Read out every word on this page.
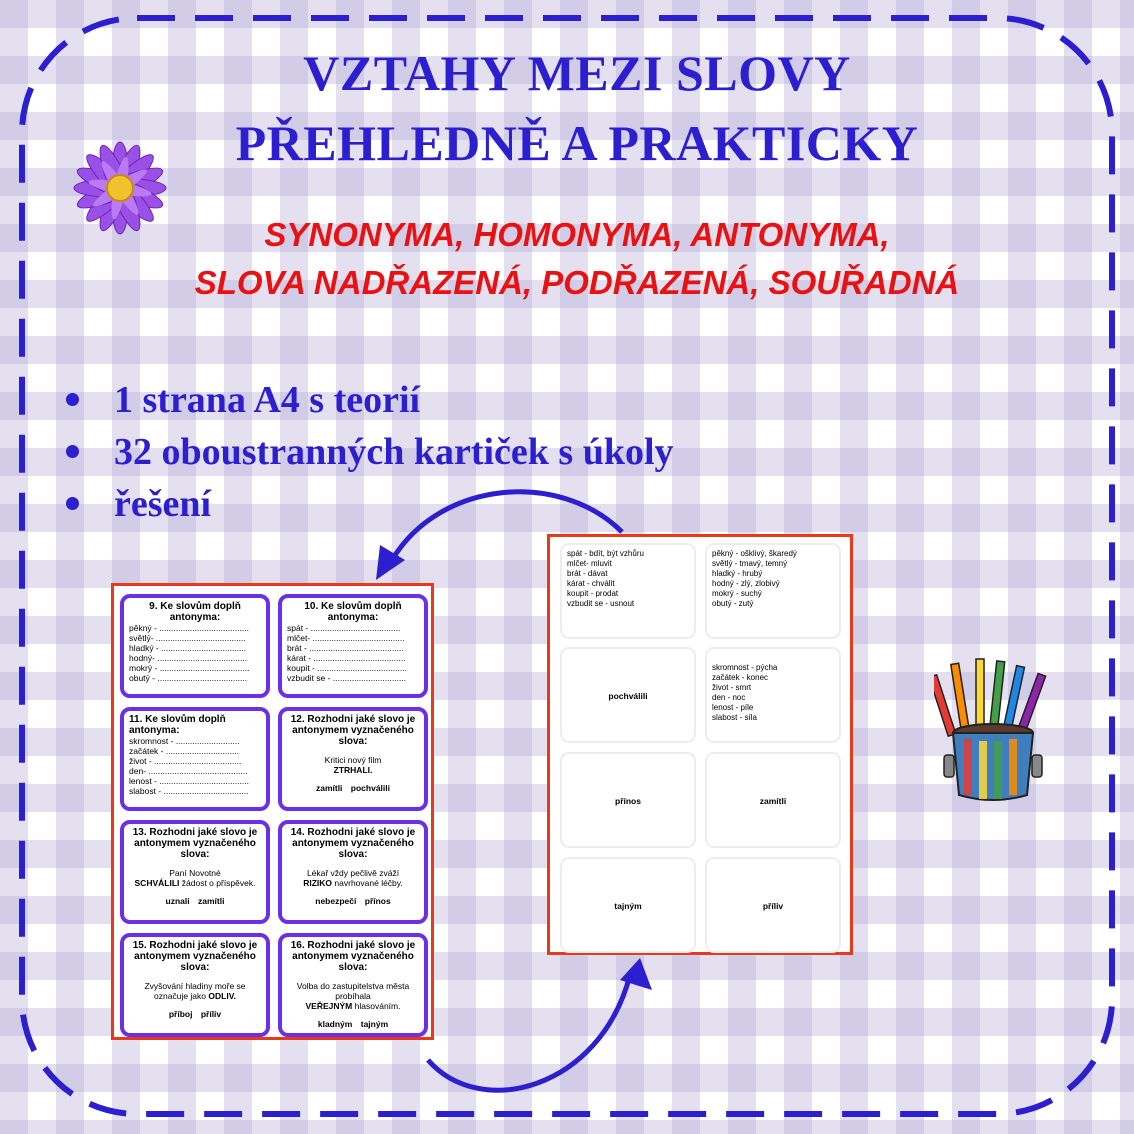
VZTAHY MEZI SLOVY
PŘEHLEDNĚ A PRAKTICKY
SYNONYMA, HOMONYMA, ANTONYMA,
SLOVA NADŘAZENÁ, PODŘAZENÁ, SOUŘADNÁ
1 strana A4 s teorií
32 oboustranných kartiček s úkoly
řešení
9. Ke slovům doplň antonyma:
pěkný - ......................................
světlý- ......................................
hladký - ....................................
hodný- ......................................
mokrý - ......................................
obutý - ......................................
10. Ke slovům doplň antonyma:
spát - ......................................
mlčet- .......................................
brát - ........................................
kárat - .......................................
koupit - ......................................
vzbudit se - ...............................
11. Ke slovům doplň antonyma:
skromnost - ...........................
začátek - ...............................
život - .....................................
den- ..........................................
lenost - ......................................
slabost - ....................................
12. Rozhodni jaké slovo je antonymem vyznačeného slova:
Kritici nový film
ZTRHALI.
zamítli pochválili
13. Rozhodni jaké slovo je antonymem vyznačeného slova:
Paní Novotné
SCHVÁLILI žádost o příspěvek.
uznali zamítli
14. Rozhodni jaké slovo je antonymem vyznačeného slova:
Lékař vždy pečlivě zváží
RIZIKO navrhované léčby.
nebezpečí přínos
15. Rozhodni jaké slovo je antonymem vyznačeného slova:
Zvyšování hladiny moře se označuje jako ODLIV.
příboj příliv
16. Rozhodni jaké slovo je antonymem vyznačeného slova:
Volba do zastupitelstva města probíhala
VEŘEJNÝM hlasováním.
kladným tajným
spát - bdít, být vzhůru
mlčet- mluvit
brát - dávat
kárat - chválit
koupit - prodat
vzbudit se - usnout
pěkný - ošklivý, škaredý
světlý - tmavý, temný
hladký - hrubý
hodný - zlý, zlobivý
mokrý - suchý
obutý - zutý
pochválili
skromnost - pýcha
začátek - konec
život - smrt
den - noc
lenost - píle
slabost - síla
přínos	zamítli
tajným	příliv
